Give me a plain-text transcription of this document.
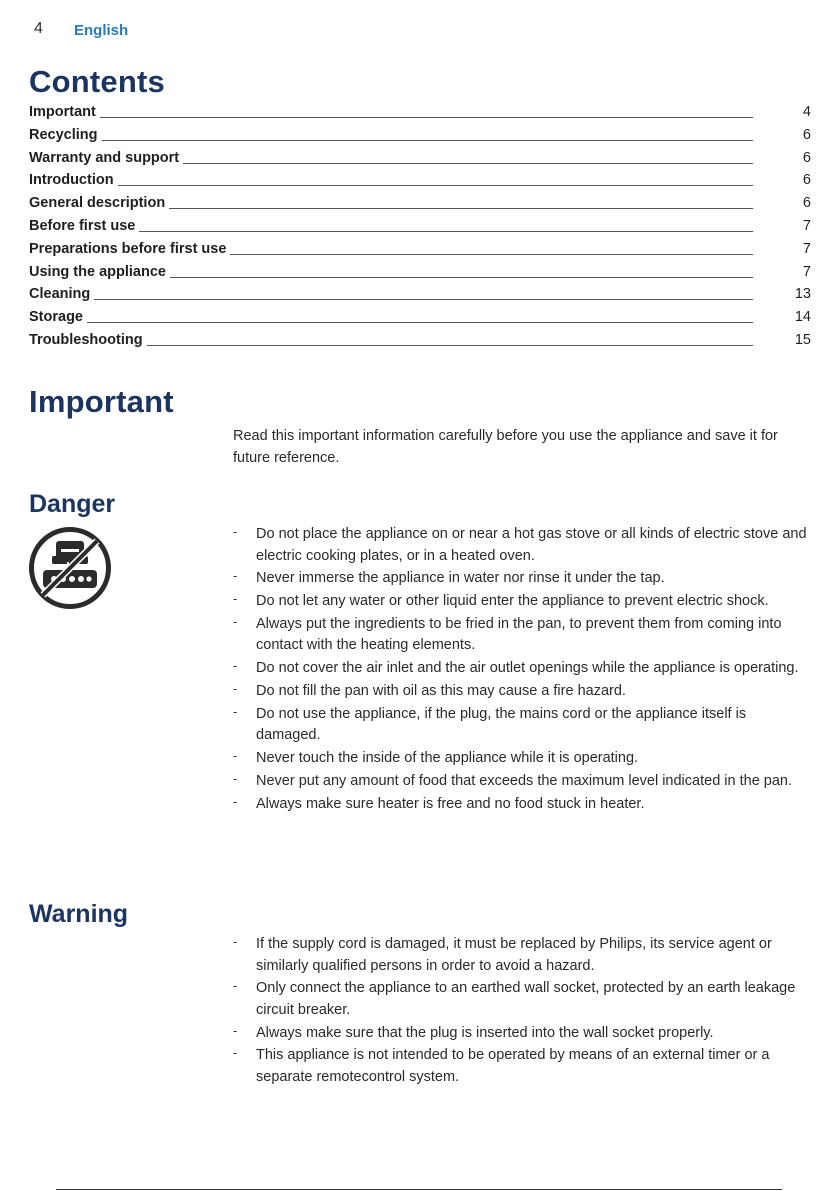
4 English
Contents
Important	4
Recycling	6
Warranty and support	6
Introduction	6
General description	6
Before first use	7
Preparations before first use	7
Using the appliance	7
Cleaning	13
Storage	14
Troubleshooting	15
Important

Read this important information carefully before you use the appliance and save it for future reference.

Danger
- Do not place the appliance on or near a hot gas stove or all kinds of electric stove and electric cooking plates, or in a heated oven.
- Never immerse the appliance in water nor rinse it under the tap.
- Do not let any water or other liquid enter the appliance to prevent electric shock.
- Always put the ingredients to be fried in the pan, to prevent them from coming into contact with the heating elements.
- Do not cover the air inlet and the air outlet openings while the appliance is operating.
- Do not fill the pan with oil as this may cause a fire hazard.
- Do not use the appliance, if the plug, the mains cord or the appliance itself is damaged.
- Never touch the inside of the appliance while it is operating.
- Never put any amount of food that exceeds the maximum level indicated in the pan.
- Always make sure heater is free and no food stuck in heater.
Warning
- If the supply cord is damaged, it must be replaced by Philips, its service agent or similarly qualified persons in order to avoid a hazard.
- Only connect the appliance to an earthed wall socket, protected by an earth leakage circuit breaker.
- Always make sure that the plug is inserted into the wall socket properly.
- This appliance is not intended to be operated by means of an external timer or a separate remotecontrol system.
